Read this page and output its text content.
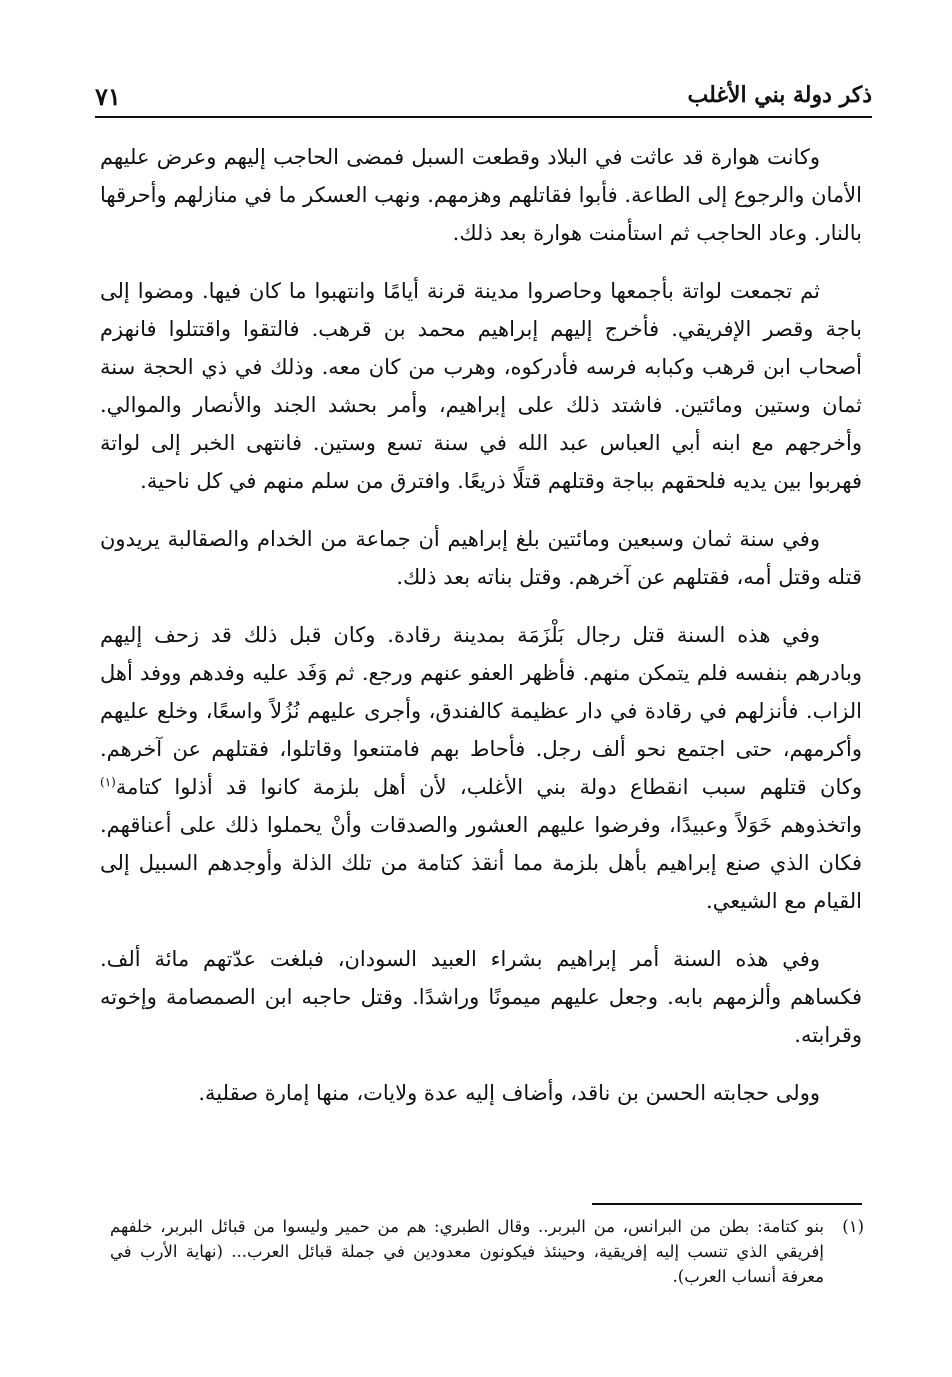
ذكر دولة بني الأغلب
٧١

وكانت هوارة قد عاثت في البلاد وقطعت السبل فمضى الحاجب إليهم وعرض عليهم الأمان والرجوع إلى الطاعة. فأبوا فقاتلهم وهزمهم. ونهب العسكر ما في منازلهم وأحرقها بالنار. وعاد الحاجب ثم استأمنت هوارة بعد ذلك.

ثم تجمعت لواتة بأجمعها وحاصروا مدينة قرنة أيامًا وانتهبوا ما كان فيها. ومضوا إلى باجة وقصر الإفريقي. فأخرج إليهم إبراهيم محمد بن قرهب. فالتقوا واقتتلوا فانهزم أصحاب ابن قرهب وكبابه فرسه فأدركوه، وهرب من كان معه. وذلك في ذي الحجة سنة ثمان وستين ومائتين. فاشتد ذلك على إبراهيم، وأمر بحشد الجند والأنصار والموالي. وأخرجهم مع ابنه أبي العباس عبد الله في سنة تسع وستين. فانتهى الخبر إلى لواتة فهربوا بين يديه فلحقهم بباجة وقتلهم قتلًا ذريعًا. وافترق من سلم منهم في كل ناحية.

وفي سنة ثمان وسبعين ومائتين بلغ إبراهيم أن جماعة من الخدام والصقالبة يريدون قتله وقتل أمه، فقتلهم عن آخرهم. وقتل بناته بعد ذلك.

وفي هذه السنة قتل رجال بَلْزَمَة بمدينة رقادة. وكان قبل ذلك قد زحف إليهم وبادرهم بنفسه فلم يتمكن منهم. فأظهر العفو عنهم ورجع. ثم وَفَد عليه وفدهم ووفد أهل الزاب. فأنزلهم في رقادة في دار عظيمة كالفندق، وأجرى عليهم نُزُلاً واسعًا، وخلع عليهم وأكرمهم، حتى اجتمع نحو ألف رجل. فأحاط بهم فامتنعوا وقاتلوا، فقتلهم عن آخرهم. وكان قتلهم سبب انقطاع دولة بني الأغلب، لأن أهل بلزمة كانوا قد أذلوا كتامة$^{(١)}$ واتخذوهم خَوَلاً وعبيدًا، وفرضوا عليهم العشور والصدقات وأنْ يحملوا ذلك على أعناقهم. فكان الذي صنع إبراهيم بأهل بلزمة مما أنقذ كتامة من تلك الذلة وأوجدهم السبيل إلى القيام مع الشيعي.

وفي هذه السنة أمر إبراهيم بشراء العبيد السودان، فبلغت عدّتهم مائة ألف. فكساهم وألزمهم بابه. وجعل عليهم ميمونًا وراشدًا. وقتل حاجبه ابن الصمصامة وإخوته وقرابته.

وولى حجابته الحسن بن ناقد، وأضاف إليه عدة ولايات، منها إمارة صقلية.

(١)
بنو كتامة: بطن من البرانس، من البربر.. وقال الطبري: هم من حمير وليسوا من قبائل البربر، خلفهم إفريقي الذي تنسب إليه إفريقية، وحينئذ فيكونون معدودين في جملة قبائل العرب... (نهاية الأرب في معرفة أنساب العرب).
